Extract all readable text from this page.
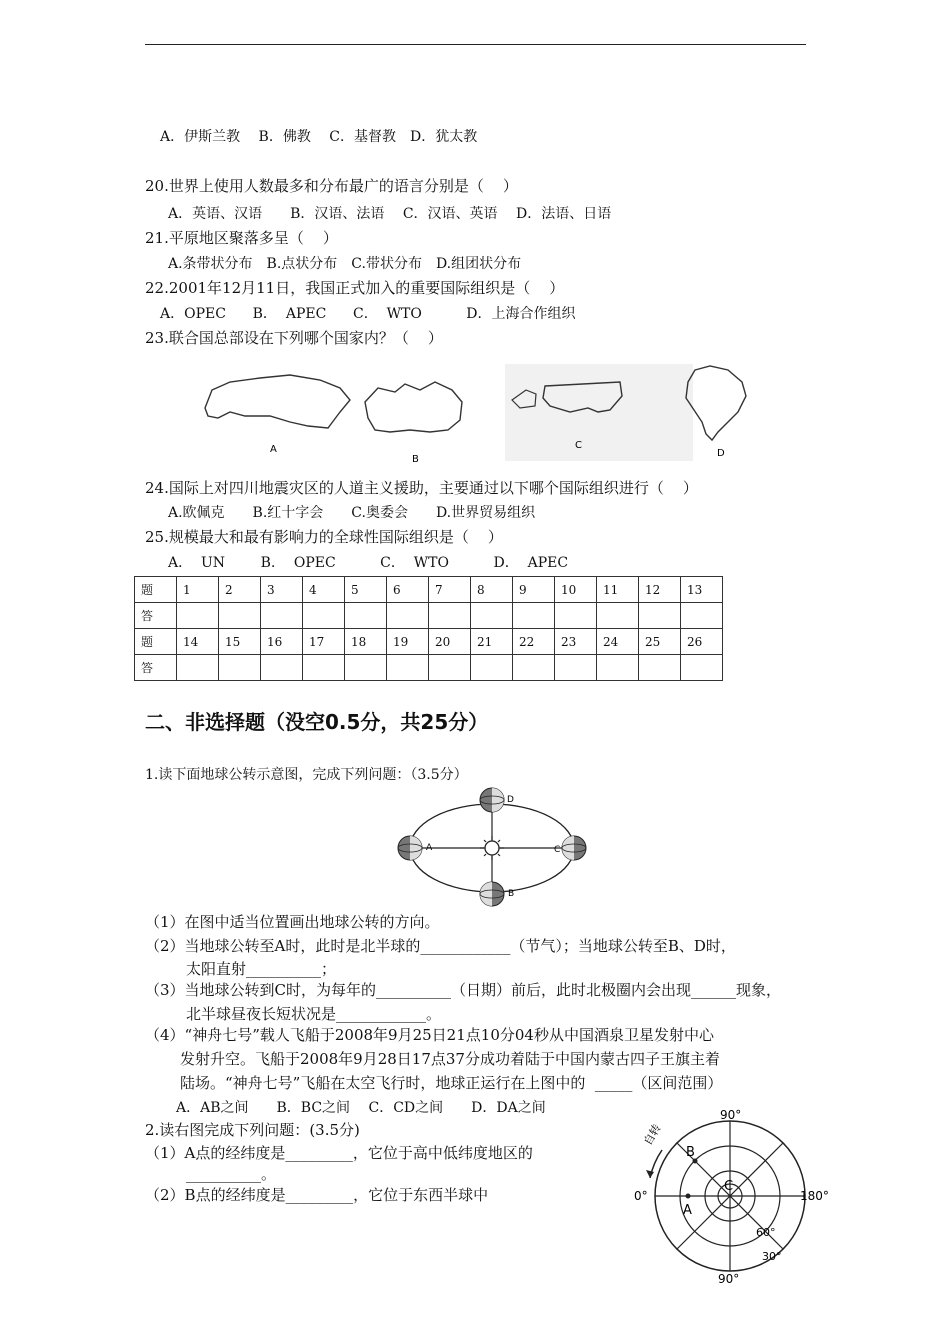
A．伊斯兰教　 B．佛教　 C．基督教　D．犹太教
20.世界上使用人数最多和分布最广的语言分别是（    ）
A．英语、汉语　　B．汉语、法语　 C．汉语、英语　 D．法语、日语
21.平原地区聚落多呈（    ）
A.条带状分布　B.点状分布　C.带状分布　D.组团状分布
22.2001年12月11日，我国正式加入的重要国际组织是（    ）
A．OPEC      B．  APEC      C．  WTO          D．上海合作组织
23.联合国总部设在下列哪个国家内？（    ）
A
B
C
D
24.国际上对四川地震灾区的人道主义援助，主要通过以下哪个国际组织进行（    ）
A.欧佩克　　B.红十字会　　C.奥委会　　D.世界贸易组织
25.规模最大和最有影响力的全球性国际组织是（    ）
A．  UN        B．  OPEC          C．  WTO          D．  APEC
题	1	2	3	4	5	6	7	8	9	10	11	12	13
答													
题	14	15	16	17	18	19	20	21	22	23	24	25	26
答													
二、非选择题（没空0.5分，共25分）
1.读下面地球公转示意图，完成下列问题：（3.5分）
D
A	C
B
（1）在图中适当位置画出地球公转的方向。
（2）当地球公转至A时，此时是北半球的____________（节气）；当地球公转至B、D时，
太阳直射__________；
（3）当地球公转到C时，为每年的__________（日期）前后，此时北极圈内会出现______现象，
北半球昼夜长短状况是____________。
（4）“神舟七号”载人飞船于2008年9月25日21点10分04秒从中国酒泉卫星发射中心
发射升空。飞船于2008年9月28日17点37分成功着陆于中国内蒙古四子王旗主着
陆场。“神舟七号”飞船在太空飞行时，地球正运行在上图中的  _____（区间范围）
A．AB之间　　B．BC之间　 C．CD之间　　D．DA之间
2.读右图完成下列问题：(3.5分)
（1）A点的经纬度是_________，它位于高中低纬度地区的
__________。
（2）B点的经纬度是_________，它位于东西半球中
90°
90°
0°	180°
60°
30°
自转
A
B
C
